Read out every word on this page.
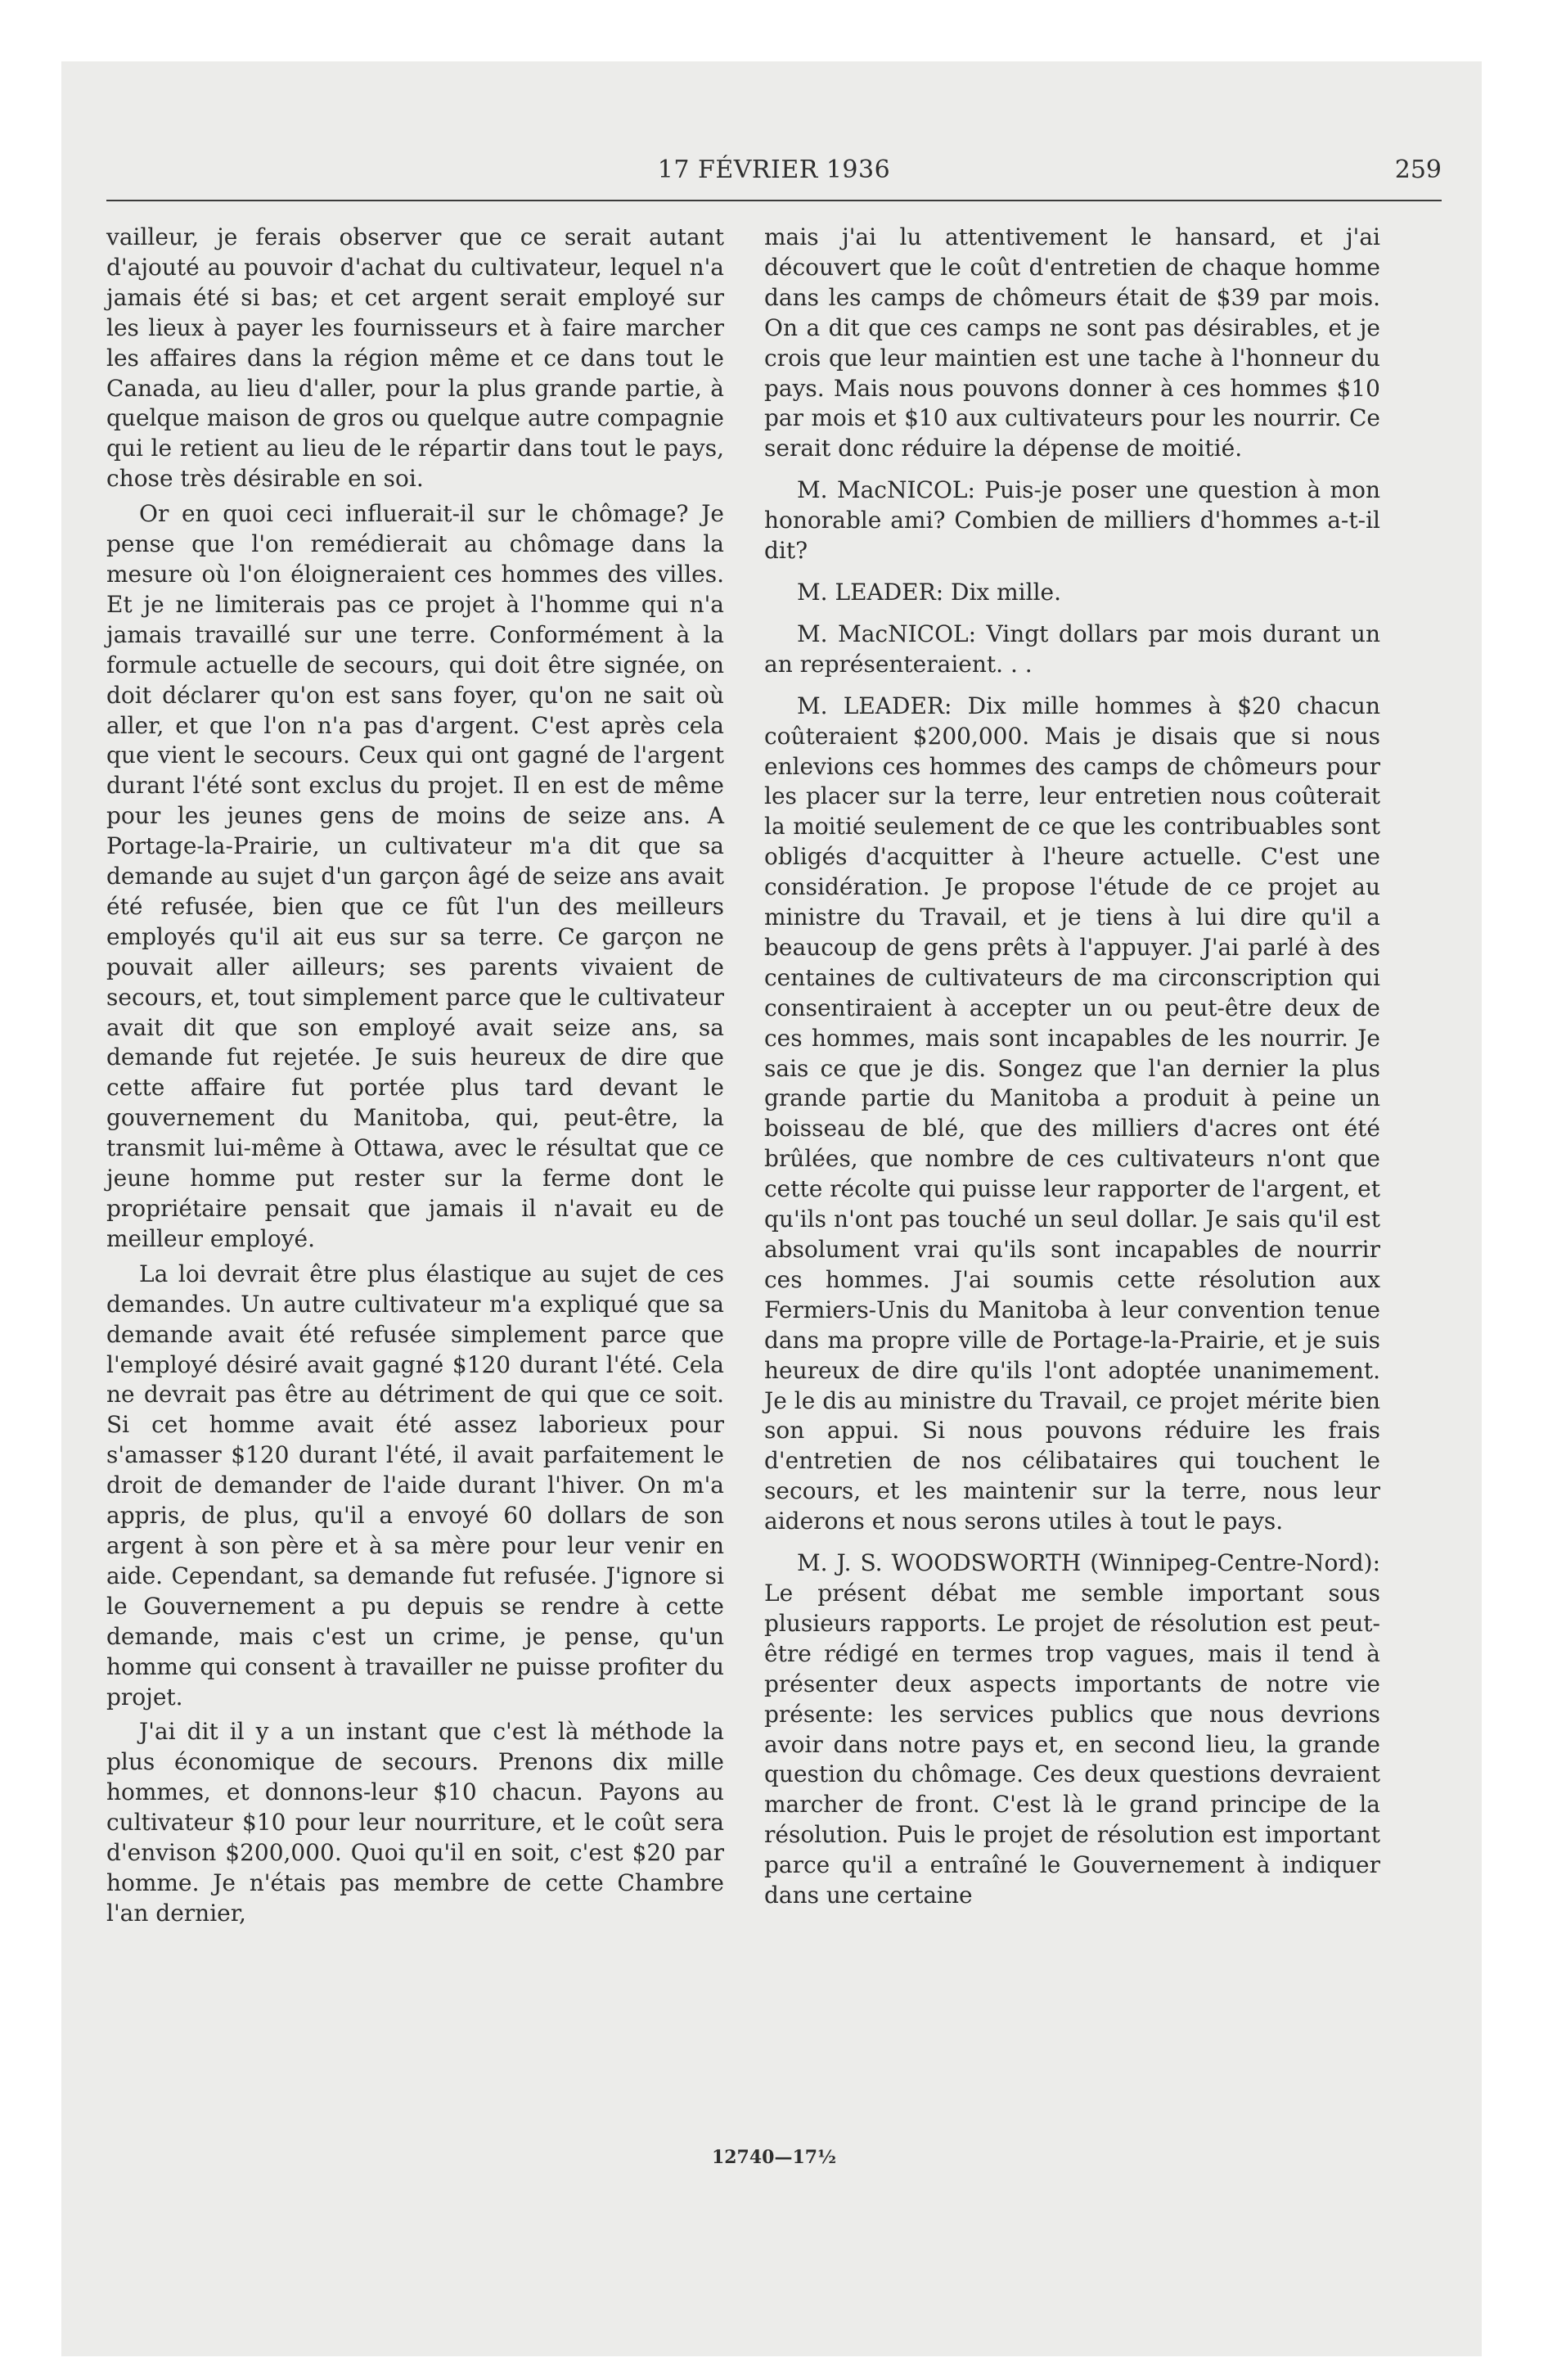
17 FÉVRIER 1936	259

vailleur, je ferais observer que ce serait autant d'ajouté au pouvoir d'achat du cultivateur, lequel n'a jamais été si bas; et cet argent serait employé sur les lieux à payer les fournisseurs et à faire marcher les affaires dans la région même et ce dans tout le Canada, au lieu d'aller, pour la plus grande partie, à quelque maison de gros ou quelque autre compagnie qui le retient au lieu de le répartir dans tout le pays, chose très désirable en soi.

Or en quoi ceci influerait-il sur le chômage? Je pense que l'on remédierait au chômage dans la mesure où l'on éloigneraient ces hommes des villes. Et je ne limiterais pas ce projet à l'homme qui n'a jamais travaillé sur une terre. Conformément à la formule actuelle de secours, qui doit être signée, on doit déclarer qu'on est sans foyer, qu'on ne sait où aller, et que l'on n'a pas d'argent. C'est après cela que vient le secours. Ceux qui ont gagné de l'argent durant l'été sont exclus du projet. Il en est de même pour les jeunes gens de moins de seize ans. A Portage-la-Prairie, un cultivateur m'a dit que sa demande au sujet d'un garçon âgé de seize ans avait été refusée, bien que ce fût l'un des meilleurs employés qu'il ait eus sur sa terre. Ce garçon ne pouvait aller ailleurs; ses parents vivaient de secours, et, tout simplement parce que le cultivateur avait dit que son employé avait seize ans, sa demande fut rejetée. Je suis heureux de dire que cette affaire fut portée plus tard devant le gouvernement du Manitoba, qui, peut-être, la transmit lui-même à Ottawa, avec le résultat que ce jeune homme put rester sur la ferme dont le propriétaire pensait que jamais il n'avait eu de meilleur employé.

La loi devrait être plus élastique au sujet de ces demandes. Un autre cultivateur m'a expliqué que sa demande avait été refusée simplement parce que l'employé désiré avait gagné $120 durant l'été. Cela ne devrait pas être au détriment de qui que ce soit. Si cet homme avait été assez laborieux pour s'amasser $120 durant l'été, il avait parfaitement le droit de demander de l'aide durant l'hiver. On m'a appris, de plus, qu'il a envoyé 60 dollars de son argent à son père et à sa mère pour leur venir en aide. Cependant, sa demande fut refusée. J'ignore si le Gouvernement a pu depuis se rendre à cette demande, mais c'est un crime, je pense, qu'un homme qui consent à travailler ne puisse profiter du projet.

J'ai dit il y a un instant que c'est là méthode la plus économique de secours. Prenons dix mille hommes, et donnons-leur $10 chacun. Payons au cultivateur $10 pour leur nourriture, et le coût sera d'envison $200,000. Quoi qu'il en soit, c'est $20 par homme. Je n'étais pas membre de cette Chambre l'an dernier,

mais j'ai lu attentivement le hansard, et j'ai découvert que le coût d'entretien de chaque homme dans les camps de chômeurs était de $39 par mois. On a dit que ces camps ne sont pas désirables, et je crois que leur maintien est une tache à l'honneur du pays. Mais nous pouvons donner à ces hommes $10 par mois et $10 aux cultivateurs pour les nourrir. Ce serait donc réduire la dépense de moitié.

M. MacNICOL: Puis-je poser une question à mon honorable ami? Combien de milliers d'hommes a-t-il dit?

M. LEADER: Dix mille.

M. MacNICOL: Vingt dollars par mois durant un an représenteraient. . .

M. LEADER: Dix mille hommes à $20 chacun coûteraient $200,000. Mais je disais que si nous enlevions ces hommes des camps de chômeurs pour les placer sur la terre, leur entretien nous coûterait la moitié seulement de ce que les contribuables sont obligés d'acquitter à l'heure actuelle. C'est une considération. Je propose l'étude de ce projet au ministre du Travail, et je tiens à lui dire qu'il a beaucoup de gens prêts à l'appuyer. J'ai parlé à des centaines de cultivateurs de ma circonscription qui consentiraient à accepter un ou peut-être deux de ces hommes, mais sont incapables de les nourrir. Je sais ce que je dis. Songez que l'an dernier la plus grande partie du Manitoba a produit à peine un boisseau de blé, que des milliers d'acres ont été brûlées, que nombre de ces cultivateurs n'ont que cette récolte qui puisse leur rapporter de l'argent, et qu'ils n'ont pas touché un seul dollar. Je sais qu'il est absolument vrai qu'ils sont incapables de nourrir ces hommes. J'ai soumis cette résolution aux Fermiers-Unis du Manitoba à leur convention tenue dans ma propre ville de Portage-la-Prairie, et je suis heureux de dire qu'ils l'ont adoptée unanimement. Je le dis au ministre du Travail, ce projet mérite bien son appui. Si nous pouvons réduire les frais d'entretien de nos célibataires qui touchent le secours, et les maintenir sur la terre, nous leur aiderons et nous serons utiles à tout le pays.

M. J. S. WOODSWORTH (Winnipeg-Centre-Nord): Le présent débat me semble important sous plusieurs rapports. Le projet de résolution est peut-être rédigé en termes trop vagues, mais il tend à présenter deux aspects importants de notre vie présente: les services publics que nous devrions avoir dans notre pays et, en second lieu, la grande question du chômage. Ces deux questions devraient marcher de front. C'est là le grand principe de la résolution. Puis le projet de résolution est important parce qu'il a entraîné le Gouvernement à indiquer dans une certaine

12740—17½
